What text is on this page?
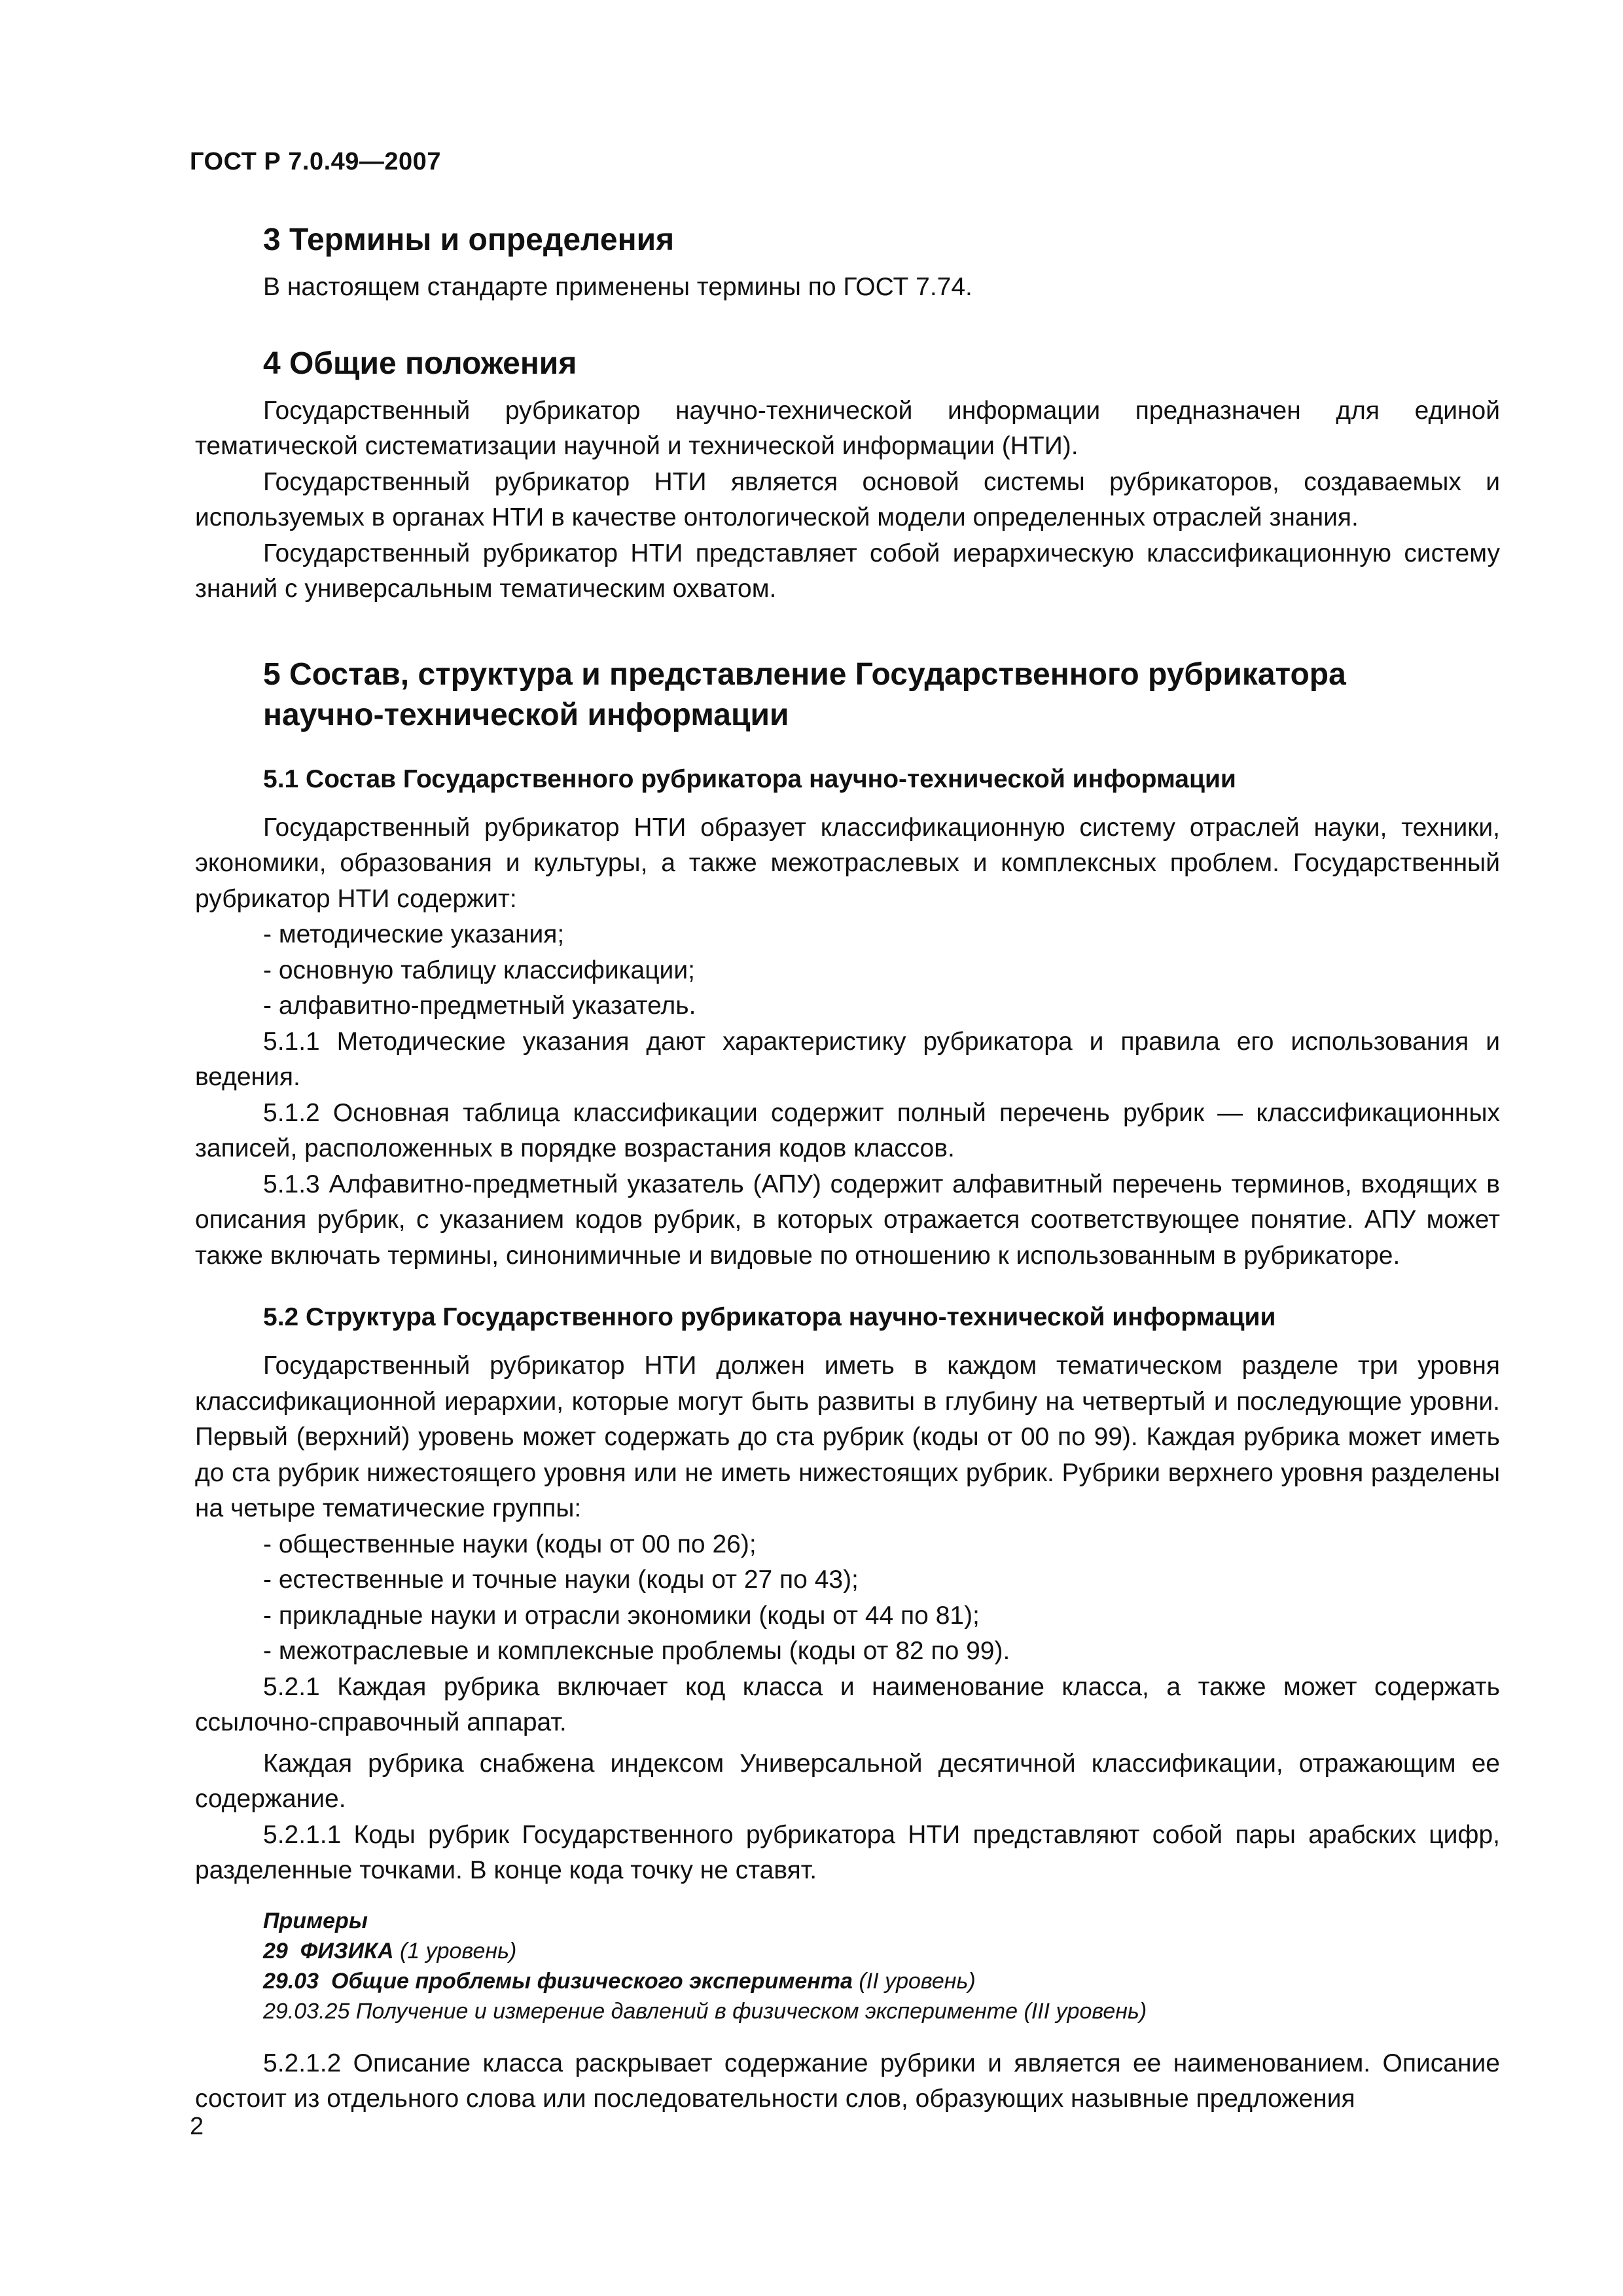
ГОСТ Р 7.0.49—2007
3 Термины и определения

В настоящем стандарте применены термины по ГОСТ 7.74.

4 Общие положения

Государственный рубрикатор научно-технической информации предназначен для единой тематической систематизации научной и технической информации (НТИ).

Государственный рубрикатор НТИ является основой системы рубрикаторов, создаваемых и используемых в органах НТИ в качестве онтологической модели определенных отраслей знания.

Государственный рубрикатор НТИ представляет собой иерархическую классификационную систему знаний с универсальным тематическим охватом.

5 Состав, структура и представление Государственного рубрикатора научно-технической информации
5.1 Состав Государственного рубрикатора научно-технической информации

Государственный рубрикатор НТИ образует классификационную систему отраслей науки, техники, экономики, образования и культуры, а также межотраслевых и комплексных проблем. Государственный рубрикатор НТИ содержит:

- методические указания;
- основную таблицу классификации;
- алфавитно-предметный указатель.

5.1.1 Методические указания дают характеристику рубрикатора и правила его использования и ведения.

5.1.2 Основная таблица классификации содержит полный перечень рубрик — классификационных записей, расположенных в порядке возрастания кодов классов.

5.1.3 Алфавитно-предметный указатель (АПУ) содержит алфавитный перечень терминов, входящих в описания рубрик, с указанием кодов рубрик, в которых отражается соответствующее понятие. АПУ может также включать термины, синонимичные и видовые по отношению к использованным в рубрикаторе.

5.2 Структура Государственного рубрикатора научно-технической информации

Государственный рубрикатор НТИ должен иметь в каждом тематическом разделе три уровня классификационной иерархии, которые могут быть развиты в глубину на четвертый и последующие уровни. Первый (верхний) уровень может содержать до ста рубрик (коды от 00 по 99). Каждая рубрика может иметь до ста рубрик нижестоящего уровня или не иметь нижестоящих рубрик. Рубрики верхнего уровня разделены на четыре тематические группы:

- общественные науки (коды от 00 по 26);
- естественные и точные науки (коды от 27 по 43);
- прикладные науки и отрасли экономики (коды от 44 по 81);
- межотраслевые и комплексные проблемы (коды от 82 по 99).

5.2.1 Каждая рубрика включает код класса и наименование класса, а также может содержать ссылочно-справочный аппарат.

Каждая рубрика снабжена индексом Универсальной десятичной классификации, отражающим ее содержание.

5.2.1.1 Коды рубрик Государственного рубрикатора НТИ представляют собой пары арабских цифр, разделенные точками. В конце кода точку не ставят.

Примеры
29 ФИЗИКА (1 уровень)
29.03 Общие проблемы физического эксперимента (II уровень)
29.03.25 Получение и измерение давлений в физическом эксперименте (III уровень)

5.2.1.2 Описание класса раскрывает содержание рубрики и является ее наименованием. Описание состоит из отдельного слова или последовательности слов, образующих назывные предложения

2
